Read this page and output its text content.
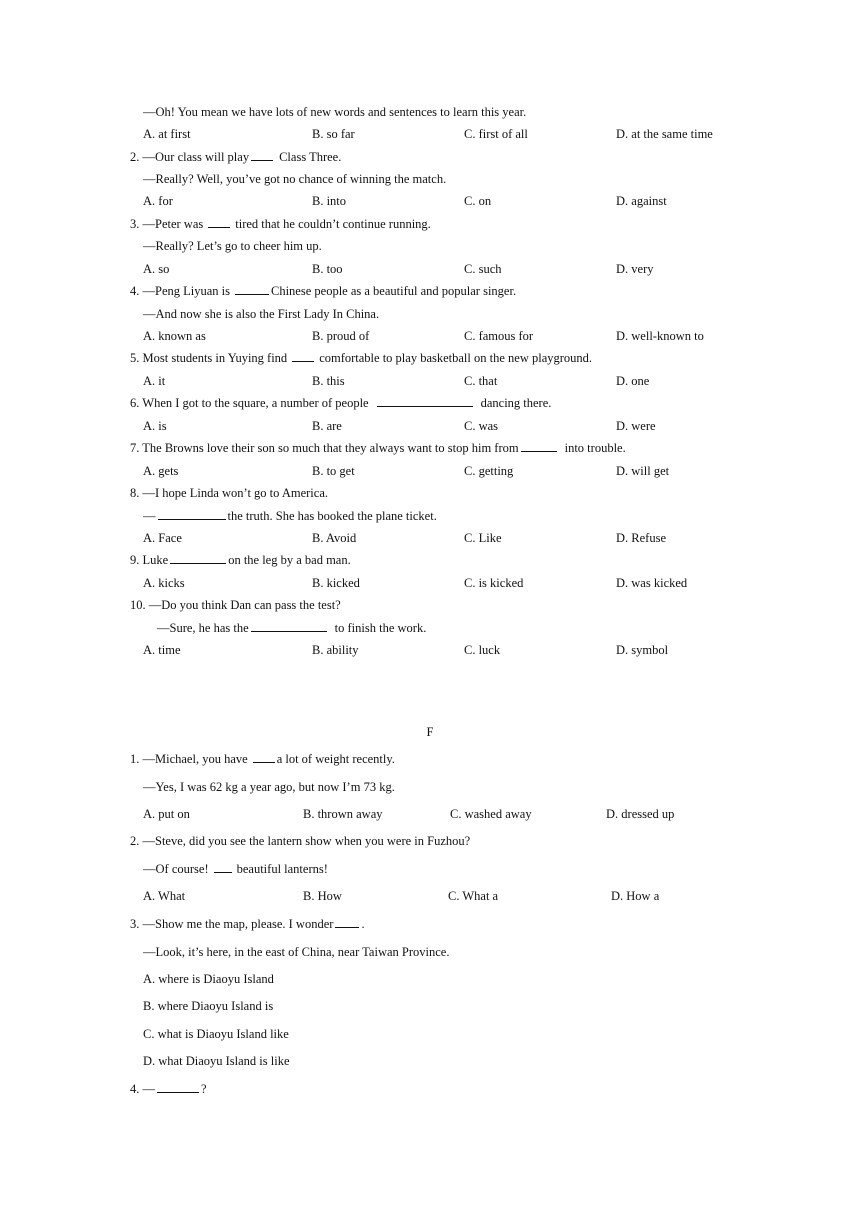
—Oh! You mean we have lots of new words and sentences to learn this year.
A. at first	B. so far	C. first of all	D. at the same time
2. —Our class will play Class Three.
—Really? Well, you’ve got no chance of winning the match.
A. for	B. into	C. on	D. against
3. —Peter was	tired that he couldn’t continue running.
—Really? Let’s go to cheer him up.
A. so	B. too	C. such	D. very
4. —Peng Liyuan is	Chinese people as a beautiful and popular singer.
—And now she is also the First Lady In China.
A. known as	B. proud of	C. famous for	D. well-known to
5. Most students in Yuying find	comfortable to play basketball on the new playground.
A. it	B. this	C. that	D. one
6. When I got to the square, a number of people	dancing there.
A. is	B. are	C. was	D. were
7. The Browns love their son so much that they always want to stop him from	into trouble.
A. gets	B. to get	C. getting	D. will get
8. —I hope Linda won’t go to America.
—	the truth. She has booked the plane ticket.
A. Face	B. Avoid	C. Like	D. Refuse
9. Luke	on the leg by a bad man.
A. kicks	B. kicked	C. is kicked	D. was kicked
10. —Do you think Dan can pass the test?
—Sure, he has the	to finish the work.
A. time	B. ability	C. luck	D. symbol
F
1. —Michael, you have a lot of weight recently.
—Yes, I was 62 kg a year ago, but now I’m 73 kg.
A. put on	B. thrown away	C. washed away	D. dressed up
2. —Steve, did you see the lantern show when you were in Fuzhou?
—Of course! beautiful lanterns!
A. What	B. How	C. What a	D. How a
3. —Show me the map, please. I wonder .
—Look, it’s here, in the east of China, near Taiwan Province.
A. where is Diaoyu Island
B. where Diaoyu Island is
C. what is Diaoyu Island like
D. what Diaoyu Island is like
4. —	?
